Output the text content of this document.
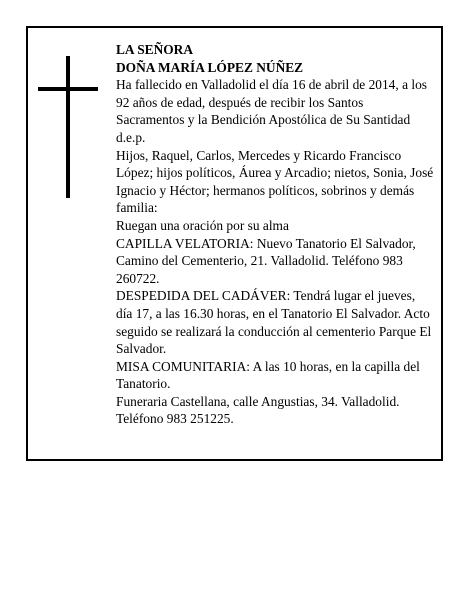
LA SEÑORA

DOÑA MARÍA LÓPEZ NÚÑEZ

Ha fallecido en Valladolid el día 16 de abril de 2014, a los 92 años de edad, después de recibir los Santos Sacramentos y la Bendición Apostólica de Su Santidad d.e.p.

Hijos, Raquel, Carlos, Mercedes y Ricardo Francisco López; hijos políticos, Áurea y Arcadio; nietos, Sonia, José Ignacio y Héctor; hermanos políticos, sobrinos y demás familia:

Ruegan una oración por su alma

CAPILLA VELATORIA: Nuevo Tanatorio El Salvador, Camino del Cementerio, 21. Valladolid. Teléfono 983 260722.

DESPEDIDA DEL CADÁVER: Tendrá lugar el jueves, día 17, a las 16.30 horas, en el Tanatorio El Salvador. Acto seguido se realizará la conducción al cementerio Parque El Salvador.

MISA COMUNITARIA: A las 10 horas, en la capilla del Tanatorio.

Funeraria Castellana, calle Angustias, 34. Valladolid. Teléfono 983 251225.
